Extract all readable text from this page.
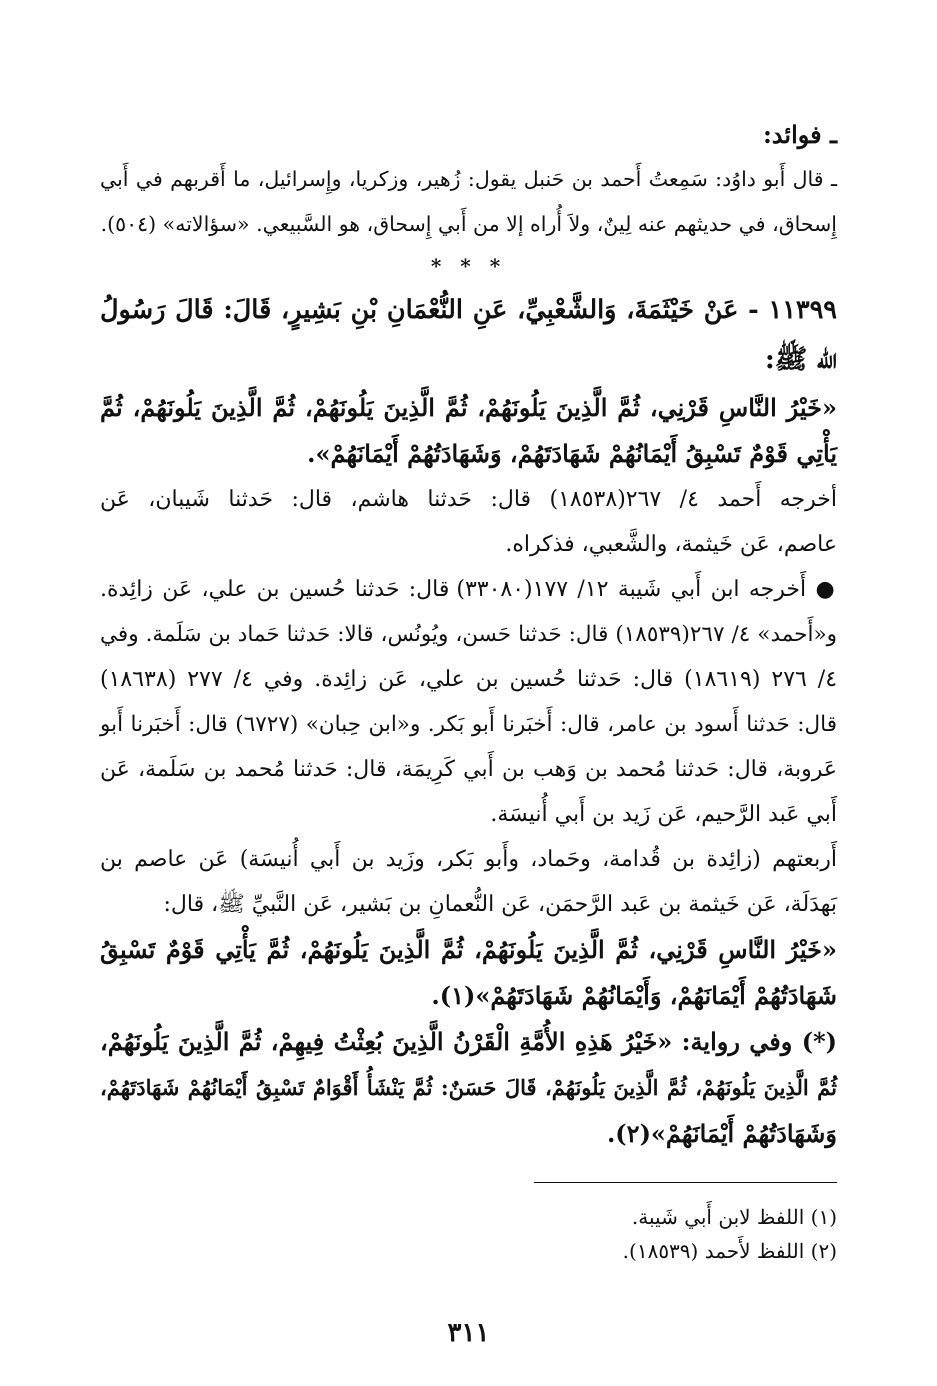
ـ فوائد:
ـ قال أَبو داوُد: سَمِعتُ أَحمد بن حَنبل يقول: زُهير، وزكريا، وإِسرائيل، ما أَقربهم في أَبي
إِسحاق، في حديثهم عنه لِينٌ، ولاَ أُراه إلا من أَبي إِسحاق، هو السَّبيعي. «سؤالاته» (٥٠٤).
* * *
١١٣٩٩ - عَنْ خَيْثَمَةَ، وَالشَّعْبِيِّ، عَنِ النُّعْمَانِ بْنِ بَشِيرٍ، قَالَ: قَالَ رَسُولُ
الله ﷺ:
«خَيْرُ النَّاسِ قَرْنِي، ثُمَّ الَّذِينَ يَلُونَهُمْ، ثُمَّ الَّذِينَ يَلُونَهُمْ، ثُمَّ الَّذِينَ يَلُونَهُمْ، ثُمَّ
يَأْتِي قَوْمٌ تَسْبِقُ أَيْمَانُهُمْ شَهَادَتَهُمْ، وَشَهَادَتُهُمْ أَيْمَانَهُمْ».
أخرجه أَحمد ٤/ ٢٦٧(١٨٥٣٨) قال: حَدثنا هاشم، قال: حَدثنا شَيبان، عَن
عاصم، عَن خَيثمة، والشَّعبي، فذكراه.
● أَخرجه ابن أَبي شَيبة ١٢/ ١٧٧(٣٣٠٨٠) قال: حَدثنا حُسين بن علي، عَن زائِدة.
و«أَحمد» ٤/ ٢٦٧(١٨٥٣٩) قال: حَدثنا حَسن، ويُونُس، قالا: حَدثنا حَماد بن سَلَمة. وفي
٤/ ٢٧٦ (١٨٦١٩) قال: حَدثنا حُسين بن علي، عَن زائِدة. وفي ٤/ ٢٧٧ (١٨٦٣٨)
قال: حَدثنا أَسود بن عامر، قال: أَخبَرنا أَبو بَكر. و«ابن حِبان» (٦٧٢٧) قال: أَخبَرنا أَبو
عَروبة، قال: حَدثنا مُحمد بن وَهب بن أَبي كَرِيمَة، قال: حَدثنا مُحمد بن سَلَمة، عَن
أَبي عَبد الرَّحيم، عَن زَيد بن أَبي أُنيسَة.
أَربعتهم (زائِدة بن قُدامة، وحَماد، وأَبو بَكر، وزَيد بن أَبي أُنيسَة) عَن عاصم بن
بَهدَلَة، عَن خَيثمة بن عَبد الرَّحمَن، عَن النُّعمانِ بن بَشير، عَن النَّبيِّ ﷺ، قال:
«خَيْرُ النَّاسِ قَرْنِي، ثُمَّ الَّذِينَ يَلُونَهُمْ، ثُمَّ الَّذِينَ يَلُونَهُمْ، ثُمَّ يَأْتِي قَوْمٌ تَسْبِقُ
شَهَادَتُهُمْ أَيْمَانَهُمْ، وَأَيْمَانُهُمْ شَهَادَتَهُمْ»(١).
(*) وفي رواية: «خَيْرُ هَذِهِ الأُمَّةِ الْقَرْنُ الَّذِينَ بُعِثْتُ فِيهِمْ، ثُمَّ الَّذِينَ يَلُونَهُمْ،
ثُمَّ الَّذِينَ يَلُونَهُمْ، ثُمَّ الَّذِينَ يَلُونَهُمْ، قَالَ حَسَنٌ: ثُمَّ يَنْشَأُ أَقْوَامٌ تَسْبِقُ أَيْمَانُهُمْ شَهَادَتَهُمْ،
وَشَهَادَتُهُمْ أَيْمَانَهُمْ»(٢).
(١) اللفظ لابن أَبي شَيبة.
(٢) اللفظ لأَحمد (١٨٥٣٩).
٣١١
